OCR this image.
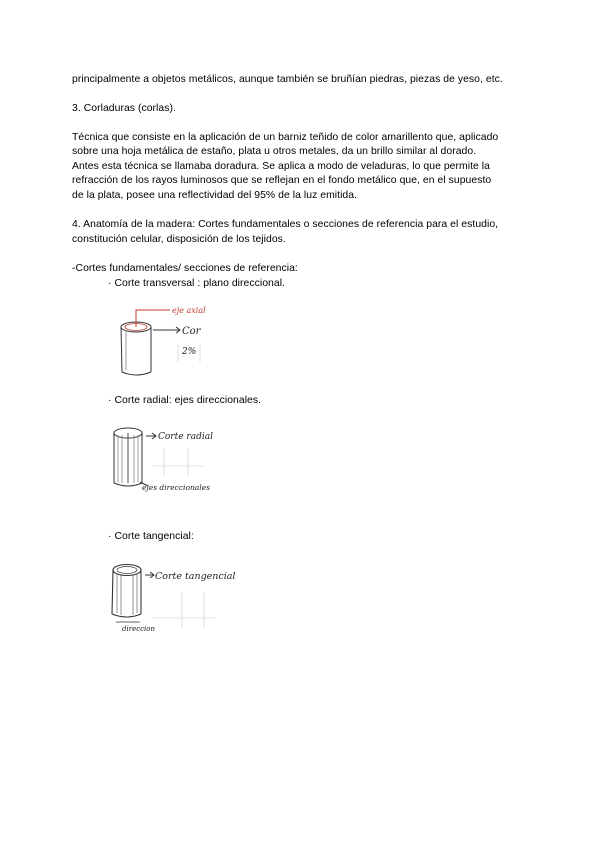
principalmente a objetos metálicos, aunque también se bruñían piedras, piezas de yeso, etc.
3. Corladuras (corlas).
Técnica que consiste en la aplicación de un barniz teñido de color amarillento que, aplicado
sobre una hoja metálica de estaño, plata u otros metales, da un brillo similar al dorado.
Antes esta técnica se llamaba doradura. Se aplica a modo de veladuras, lo que permite la
refracción de los rayos luminosos que se reflejan en el fondo metálico que, en el supuesto
de la plata, posee una reflectividad del 95% de la luz emitida.
4. Anatomía de la madera: Cortes fundamentales o secciones de referencia para el estudio,
constitución celular, disposición de los tejidos.
-Cortes fundamentales/ secciones de referencia:
· Corte transversal : plano direccional.
eje axial
Cor
2%
· Corte radial: ejes direccionales.
Corte radial
ejes direccionales
· Corte tangencial:
Corte tangencial
direccion
